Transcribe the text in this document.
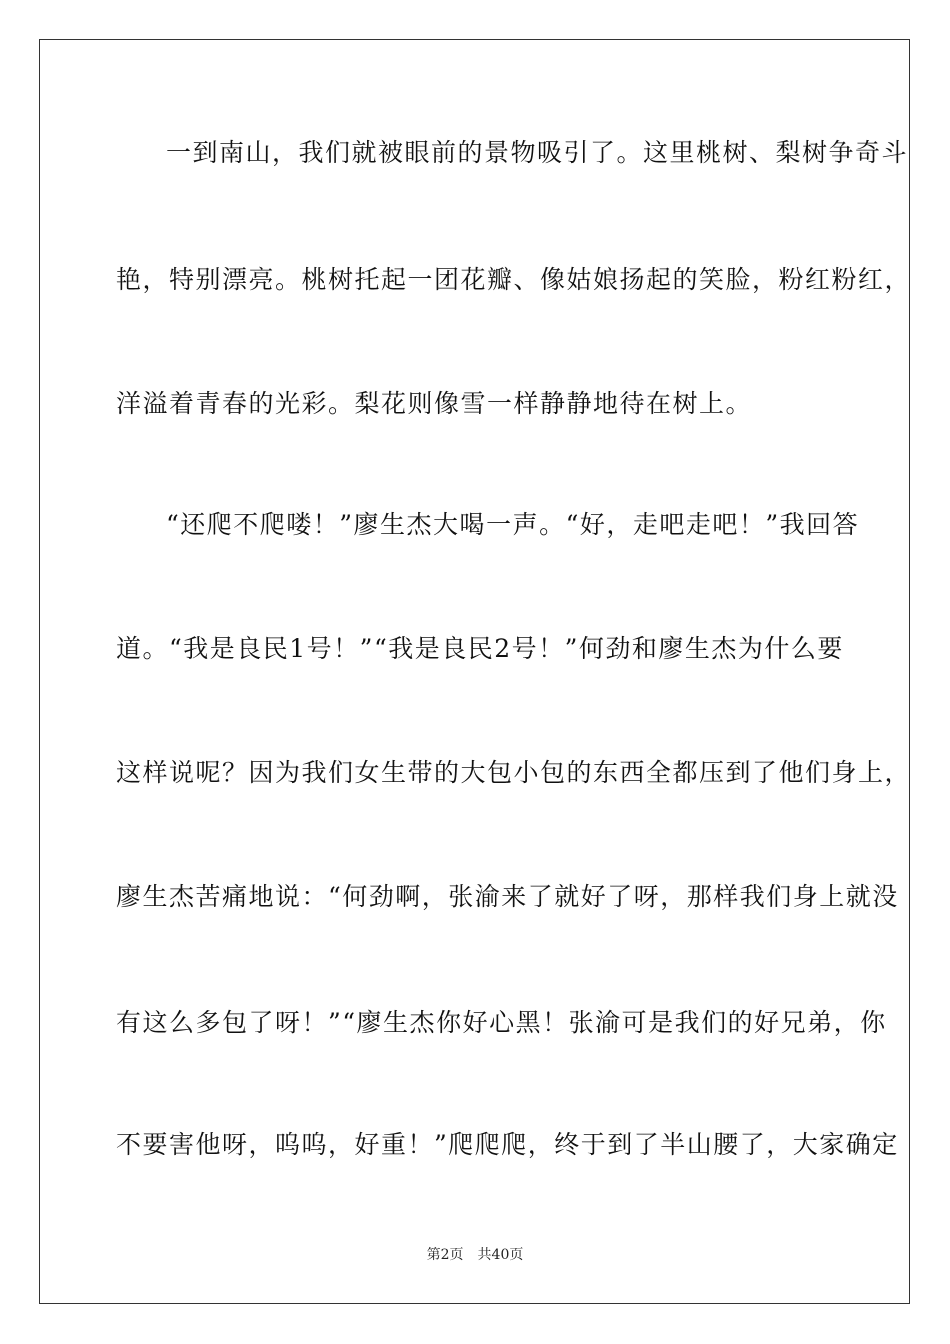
一到南山，我们就被眼前的景物吸引了。这里桃树、梨树争奇斗
艳，特别漂亮。桃树托起一团花瓣、像姑娘扬起的笑脸，粉红粉红，
洋溢着青春的光彩。梨花则像雪一样静静地待在树上。
“还爬不爬喽！”廖生杰大喝一声。“好，走吧走吧！”我回答
道。“我是良民1号！”“我是良民2号！”何劲和廖生杰为什么要
这样说呢？因为我们女生带的大包小包的东西全都压到了他们身上，
廖生杰苦痛地说：“何劲啊，张渝来了就好了呀，那样我们身上就没
有这么多包了呀！”“廖生杰你好心黑！张渝可是我们的好兄弟，你
不要害他呀，呜呜，好重！”爬爬爬，终于到了半山腰了，大家确定
第2页 共40页
